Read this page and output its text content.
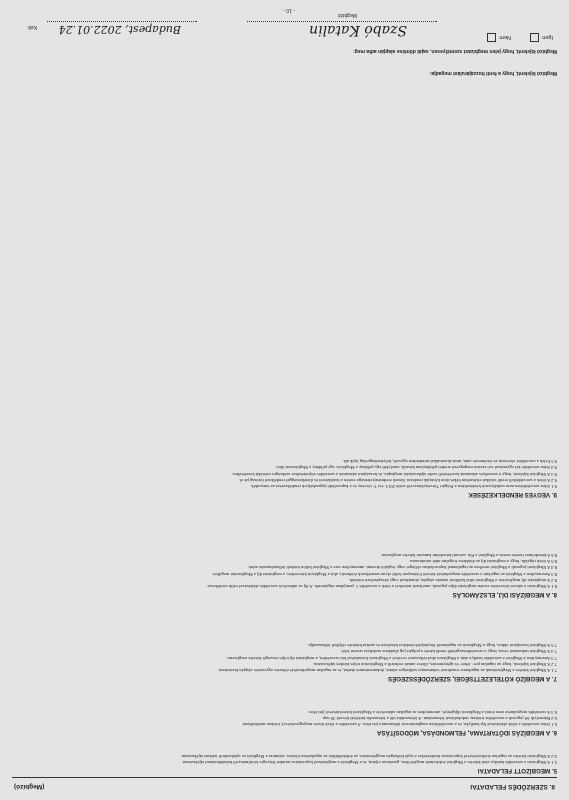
8. SZERZŐDÉS FELADATAI
(Megbízó)
5. MEGBÍZOTT FELADATAI
5.1 A Megbízott a szerződés hatálya alatt köteles a Megbízó érdekeinek megfelelően, gondosan eljárni, és a Megbízót a megbízással kapcsolatos minden lényeges körülményről haladéktalanul tájékoztatni.
5.2 A Megbízott köteles az ingatlan értékesítésével kapcsolatos hirdetéseket a saját költségén megjelentetni, az érdeklődőket az ingatlanhoz kísérni, valamint a Megbízót az ajánlatokról írásban tájékoztatni.
6. A MEGBÍZÁS IDŐTARTAMA, FELMONDÁSA, MÓDOSÍTÁSA
6.1 Jelen szerződés a felek aláírásával lép hatályba, és a szerződésben meghatározott időtartamra jön létre. A szerződés a felek közös megegyezésével, írásban módosítható.
6.2 Bármelyik fél jogosult a szerződést írásban, indokolással felmondani. A felmondási idő a felmondás közlését követő 30 nap.
6.3 A szerződés megszűnése nem érinti a Megbízott díjigényét, amennyiben az ingatlan adásvétele a Megbízott közvetítésével jött létre.
7. A MEGBÍZÓ KÖTELEZETTSÉGEI, SZERZŐDÉSSZEGÉS
7.1 A Megbízó köteles a Megbízottnak az ingatlanra vonatkozó valamennyi szükséges adatot, dokumentumot átadni, és az ingatlan megtekintését előzetes egyeztetés alapján biztosítani.
7.2 A Megbízó kijelenti, hogy az ingatlan per-, teher- és igénymentes, illetve annak terheiről a Megbízottat teljes körűen tájékoztatta.
7.3 Amennyiben a Megbízó a szerződés hatálya alatt a Megbízott által felkutatott vevővel a Megbízott kizárásával köt szerződést, a megbízási díj teljes összegét köteles megfizetni.
7.4 A Megbízó tudomásul veszi, hogy a szerződésszegésből eredő kárért a polgári jog általános szabályai szerint felel.
7.5 A Megbízó hozzájárul ahhoz, hogy a Megbízott az ingatlanról fényképfelvételeket készítsen és azokat hirdetés céljából felhasználja.
8. A MEGBÍZÁSI DÍJ, ELSZÁMOLÁS
8.1 A Megbízott a sikeres közvetítés esetén megbízási díjra jogosult, amelynek mértékét a felek a szerződés 1. pontjában rögzítették. A díj az adásvételi szerződés aláírásával válik esedékessé.
8.2 A megbízási díj megfizetése a Megbízott által kiállított számla alapján, átutalással vagy készpénzben történik.
8.3 Amennyiben a Megbízó az ingatlant a szerződés megszűnését követő 6 hónapon belül olyan személynek értékesíti, akit a Megbízott közvetített, a megbízási díj a Megbízottat megilleti.
8.4 A Megbízott jogosult a Megbízó nevében az ingatlannal kapcsolatban előleget vagy foglalót átvenni, amennyiben erre a Megbízó külön írásbeli felhatalmazást adott.
8.5 A felek rögzítik, hogy a megbízási díj az általános forgalmi adót tartalmazza.
8.6 A késedelmes fizetés esetén a Megbízó a Ptk. szerinti késedelmi kamatot köteles megfizetni.
9. VEGYES RENDELKEZÉSEK
9.1 Jelen szerződésben nem szabályozott kérdésekben a Polgári Törvénykönyvről szóló 2013. évi V. törvény és a kapcsolódó jogszabályok rendelkezései az irányadók.
9.2 A felek a szerződésből eredő vitáikat elsősorban békés úton kívánják rendezni. Ennek eredménytelensége esetén a hatáskörrel és illetékességgel rendelkező bíróság jár el.
9.3 A Megbízó kijelenti, hogy a személyes adatainak kezeléséről szóló tájékoztatást megkapta, és hozzájárul adatainak a szerződés teljesítéséhez szükséges mértékű kezeléséhez.
9.4 Jelen szerződés két egymással szó szerint megegyező eredeti példányban készült, amelyből egy példány a Megbízót, egy példány a Megbízottat illeti.
9.5 Felek a szerződést elolvasás és értelmezés után, mint akaratukkal mindenben egyezőt, helybenhagyólag írják alá.
Megbízó kijelenti, hogy a fenti hozzájárulást megadja:
Megbízó kijelenti, hogy jelen megbízást személyesen, saját döntése alapján adta meg:
Igen
Nem
Kelt: Budapest, 2022.01.24	Szabó Katalin
Megbízó
- 10 -
